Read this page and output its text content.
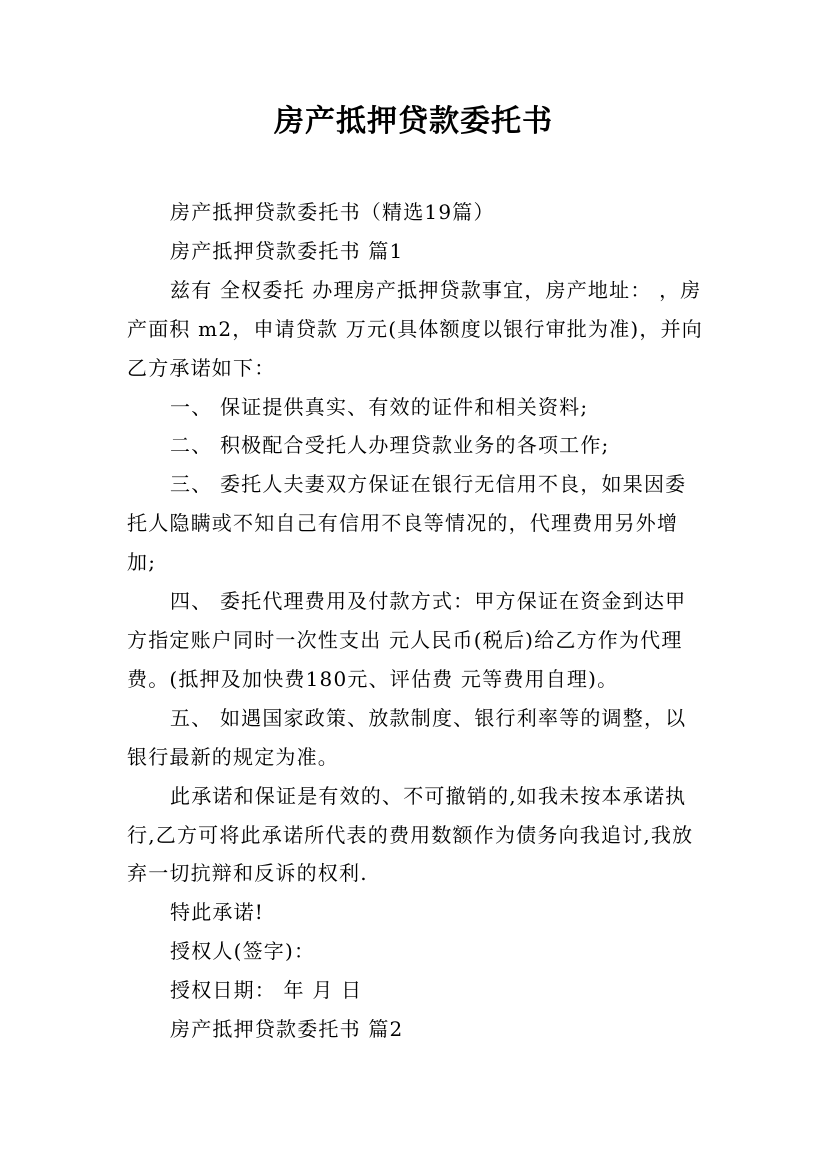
房产抵押贷款委托书

房产抵押贷款委托书（精选19篇）

房产抵押贷款委托书 篇1

兹有 全权委托 办理房产抵押贷款事宜，房产地址： ，房产面积 m2，申请贷款 万元(具体额度以银行审批为准)，并向乙方承诺如下：

一、 保证提供真实、有效的证件和相关资料;

二、 积极配合受托人办理贷款业务的各项工作;

三、 委托人夫妻双方保证在银行无信用不良，如果因委托人隐瞒或不知自己有信用不良等情况的，代理费用另外增加;

四、 委托代理费用及付款方式：甲方保证在资金到达甲方指定账户同时一次性支出 元人民币(税后)给乙方作为代理费。(抵押及加快费180元、评估费 元等费用自理)。

五、 如遇国家政策、放款制度、银行利率等的调整，以银行最新的规定为准。

此承诺和保证是有效的、不可撤销的,如我未按本承诺执行,乙方可将此承诺所代表的费用数额作为债务向我追讨,我放弃一切抗辩和反诉的权利.

特此承诺!

授权人(签字)：

授权日期： 年 月 日

房产抵押贷款委托书 篇2
